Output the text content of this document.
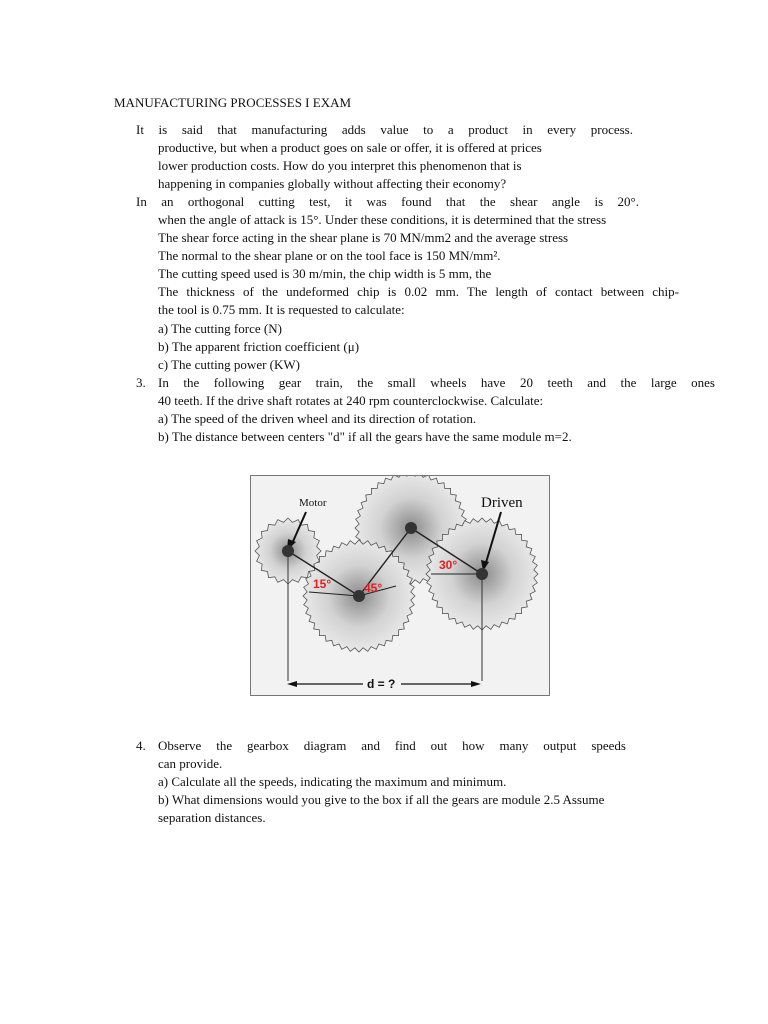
MANUFACTURING PROCESSES I EXAM
It is said that manufacturing adds value to a product in every process.
productive, but when a product goes on sale or offer, it is offered at prices
lower production costs. How do you interpret this phenomenon that is
happening in companies globally without affecting their economy?
In an orthogonal cutting test, it was found that the shear angle is 20°.
when the angle of attack is 15°. Under these conditions, it is determined that the stress
The shear force acting in the shear plane is 70 MN/mm2 and the average stress
The normal to the shear plane or on the tool face is 150 MN/mm².
The cutting speed used is 30 m/min, the chip width is 5 mm, the
The thickness of the undeformed chip is 0.02 mm. The length of contact between chip-
the tool is 0.75 mm. It is requested to calculate:
a) The cutting force (N)
b) The apparent friction coefficient (μ)
c) The cutting power (KW)
3. In the following gear train, the small wheels have 20 teeth and the large ones
40 teeth. If the drive shaft rotates at 240 rpm counterclockwise. Calculate:
a) The speed of the driven wheel and its direction of rotation.
b) The distance between centers "d" if all the gears have the same module m=2.
Motor	Driven
15°	45°
30°
d = ?
4. Observe the gearbox diagram and find out how many output speeds
can provide.
a) Calculate all the speeds, indicating the maximum and minimum.
b) What dimensions would you give to the box if all the gears are module 2.5 Assume
separation distances.
